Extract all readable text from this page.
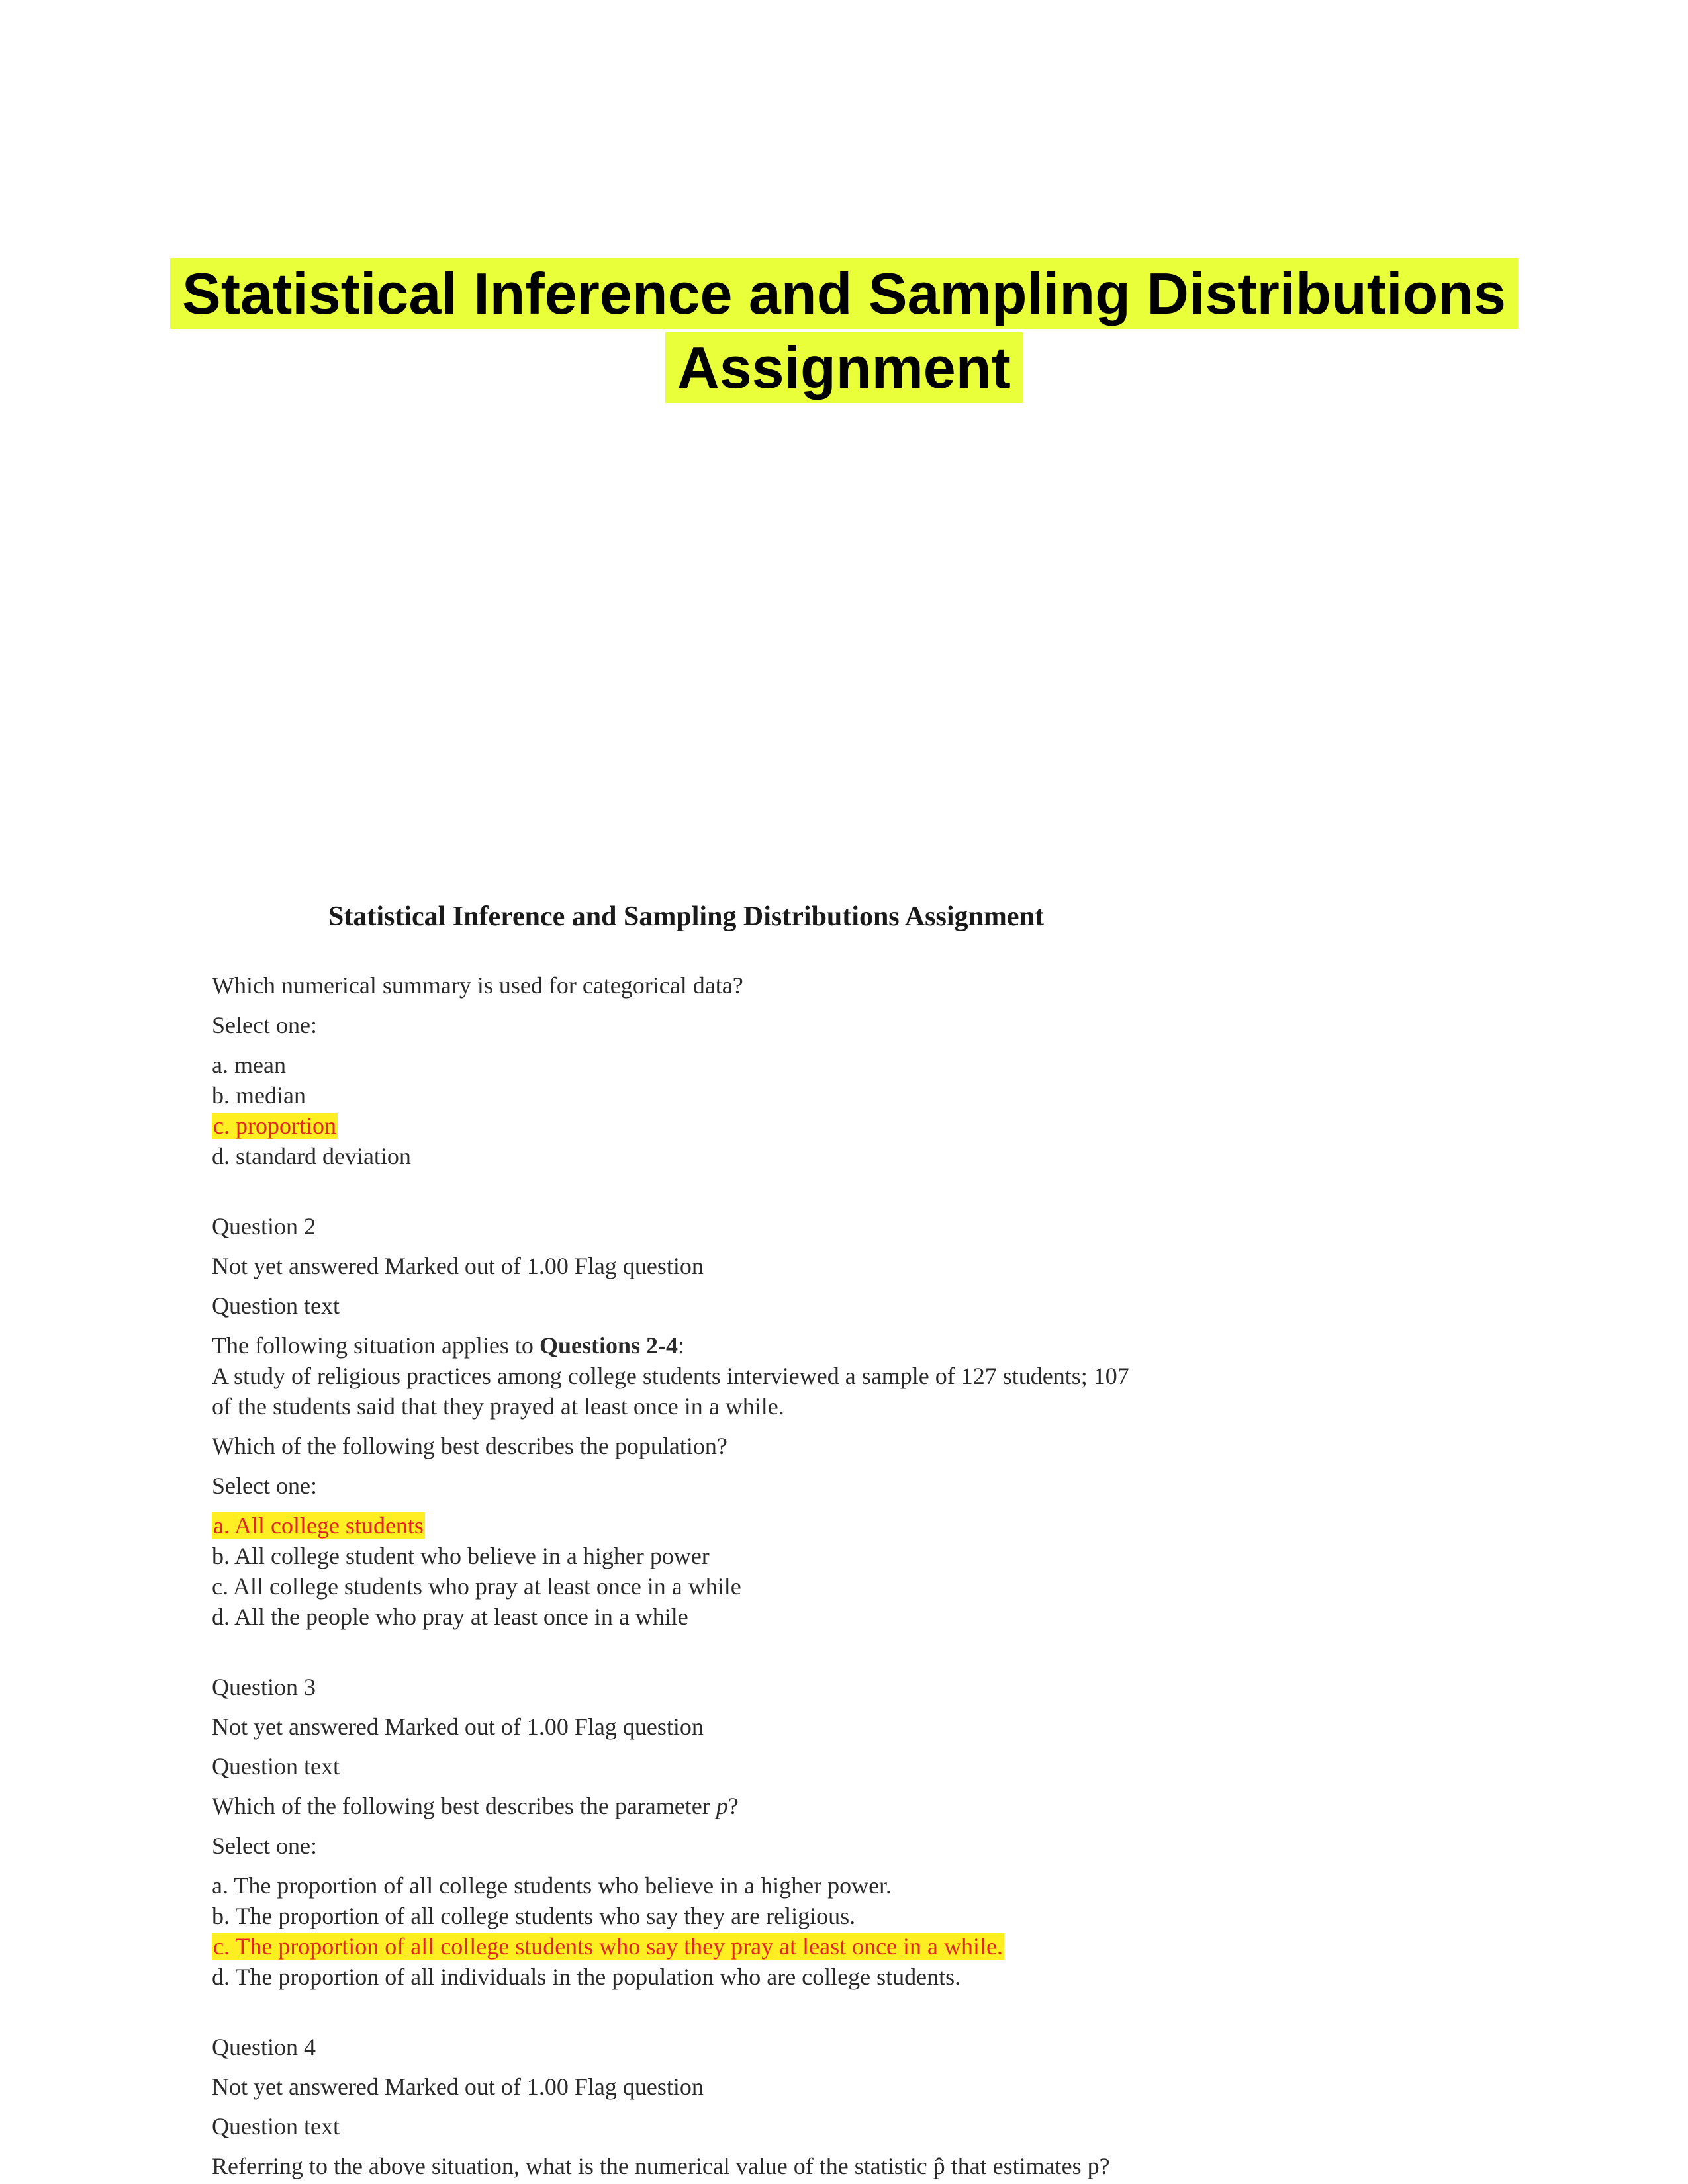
Statistical Inference and Sampling Distributions
Assignment

Statistical Inference and Sampling Distributions Assignment

Which numerical summary is used for categorical data?

Select one:

a. mean

b. median

c. proportion

d. standard deviation

Question 2

Not yet answered Marked out of 1.00 Flag question

Question text

The following situation applies to Questions 2-4:

A study of religious practices among college students interviewed a sample of 127 students; 107

of the students said that they prayed at least once in a while.

Which of the following best describes the population?

Select one:

a. All college students

b. All college student who believe in a higher power

c. All college students who pray at least once in a while

d. All the people who pray at least once in a while

Question 3

Not yet answered Marked out of 1.00 Flag question

Question text

Which of the following best describes the parameter p?

Select one:

a. The proportion of all college students who believe in a higher power.

b. The proportion of all college students who say they are religious.

c. The proportion of all college students who say they pray at least once in a while.

d. The proportion of all individuals in the population who are college students.

Question 4

Not yet answered Marked out of 1.00 Flag question

Question text

Referring to the above situation, what is the numerical value of the statistic p̂ that estimates p?
